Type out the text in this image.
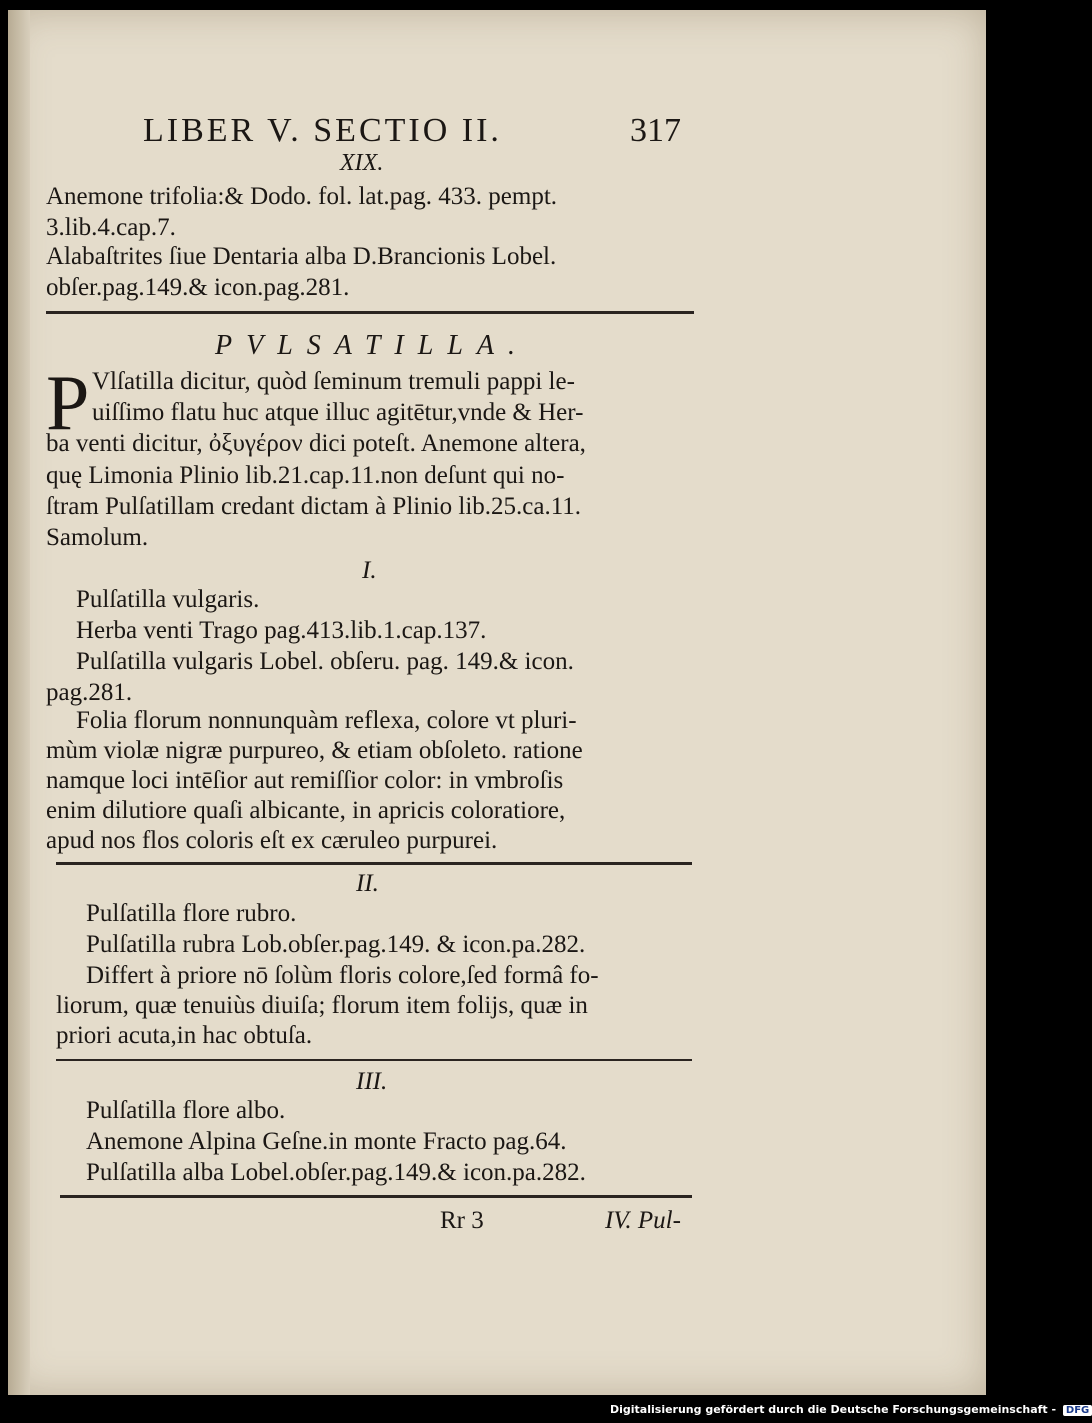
LIBER V. SECTIO II.	317
XIX.
Anemone trifolia:& Dodo. fol. lat.pag. 433. pempt.
3.lib.4.cap.7.
Alabaſtrites ſiue Dentaria alba D.Brancionis Lobel.
obſer.pag.149.& icon.pag.281.
PVLSATILLA.
P Vlſatilla dicitur, quòd ſeminum tremuli pappi le-
uiſſimo flatu huc atque illuc agitētur,vnde & Her-
ba venti dicitur, ὀξυγέρον dici poteſt. Anemone altera,
quę Limonia Plinio lib.21.cap.11.non deſunt qui no-
ſtram Pulſatillam credant dictam à Plinio lib.25.ca.11.
Samolum.
I.
Pulſatilla vulgaris.
Herba venti Trago pag.413.lib.1.cap.137.
Pulſatilla vulgaris Lobel. obſeru. pag. 149.& icon.
pag.281.
Folia florum nonnunquàm reflexa, colore vt pluri-
mùm violæ nigræ purpureo, & etiam obſoleto. ratione
namque loci intēſior aut remiſſior color: in vmbroſis
enim dilutiore quaſi albicante, in apricis coloratiore,
apud nos flos coloris eſt ex cæruleo purpurei.
II.
Pulſatilla flore rubro.
Pulſatilla rubra Lob.obſer.pag.149. & icon.pa.282.
Differt à priore nō ſolùm floris colore,ſed formâ fo-
liorum, quæ tenuiùs diuiſa; florum item folijs, quæ in
priori acuta,in hac obtuſa.
III.
Pulſatilla flore albo.
Anemone Alpina Geſne.in monte Fracto pag.64.
Pulſatilla alba Lobel.obſer.pag.149.& icon.pa.282.
Rr 3	IV. Pul-
Digitalisierung gefördert durch die Deutsche Forschungsgemeinschaft - DFG
